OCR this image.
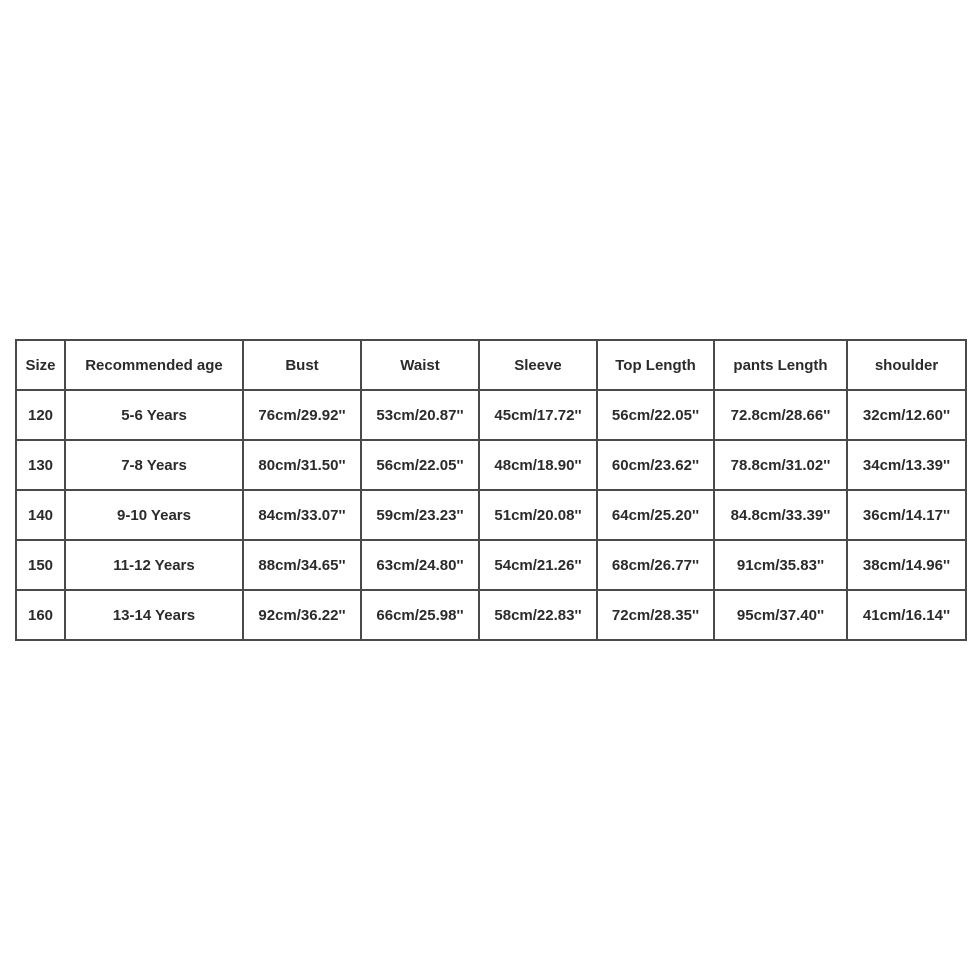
Size	Recommended age	Bust	Waist	Sleeve	Top Length	pants Length	shoulder
120	5-6 Years	76cm/29.92''	53cm/20.87''	45cm/17.72''	56cm/22.05''	72.8cm/28.66''	32cm/12.60''
130	7-8 Years	80cm/31.50''	56cm/22.05''	48cm/18.90''	60cm/23.62''	78.8cm/31.02''	34cm/13.39''
140	9-10 Years	84cm/33.07''	59cm/23.23''	51cm/20.08''	64cm/25.20''	84.8cm/33.39''	36cm/14.17''
150	11-12 Years	88cm/34.65''	63cm/24.80''	54cm/21.26''	68cm/26.77''	91cm/35.83''	38cm/14.96''
160	13-14 Years	92cm/36.22''	66cm/25.98''	58cm/22.83''	72cm/28.35''	95cm/37.40''	41cm/16.14''
